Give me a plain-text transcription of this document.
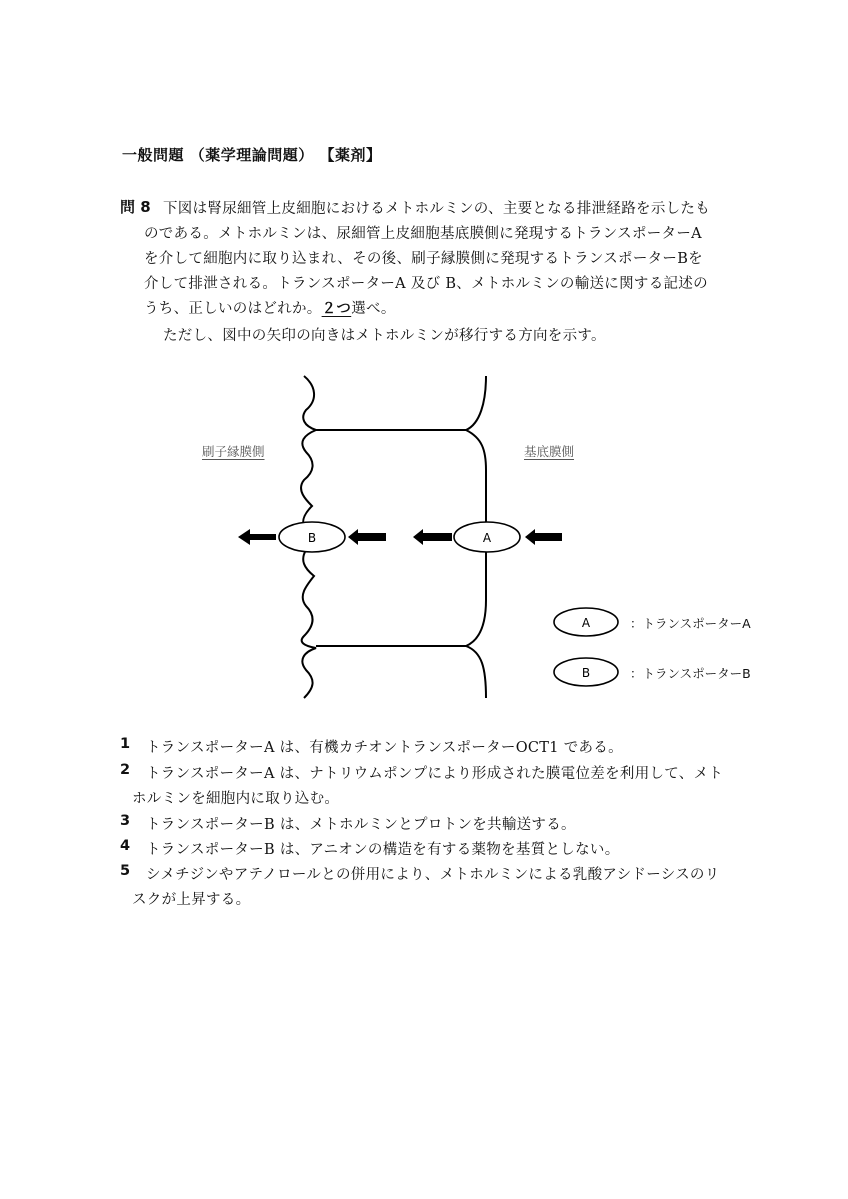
一般問題 （薬学理論問題） 【薬剤】
問 8 下図は腎尿細管上皮細胞におけるメトホルミンの、主要となる排泄経路を示したも
のである。メトホルミンは、尿細管上皮細胞基底膜側に発現するトランスポーターA
を介して細胞内に取り込まれ、その後、刷子縁膜側に発現するトランスポーターBを
介して排泄される。トランスポーターA 及び B、メトホルミンの輸送に関する記述の
うち、正しいのはどれか。２つ選べ。
ただし、図中の矢印の向きはメトホルミンが移行する方向を示す。
B	A
A
B
刷子縁膜側	基底膜側
：トランスポーターA
：トランスポーターB
1 トランスポーターA は、有機カチオントランスポーターOCT1 である。
2 トランスポーターA は、ナトリウムポンプにより形成された膜電位差を利用して、メト
ホルミンを細胞内に取り込む。
3 トランスポーターB は、メトホルミンとプロトンを共輸送する。
4 トランスポーターB は、アニオンの構造を有する薬物を基質としない。
5 シメチジンやアテノロールとの併用により、メトホルミンによる乳酸アシドーシスのリ
スクが上昇する。
